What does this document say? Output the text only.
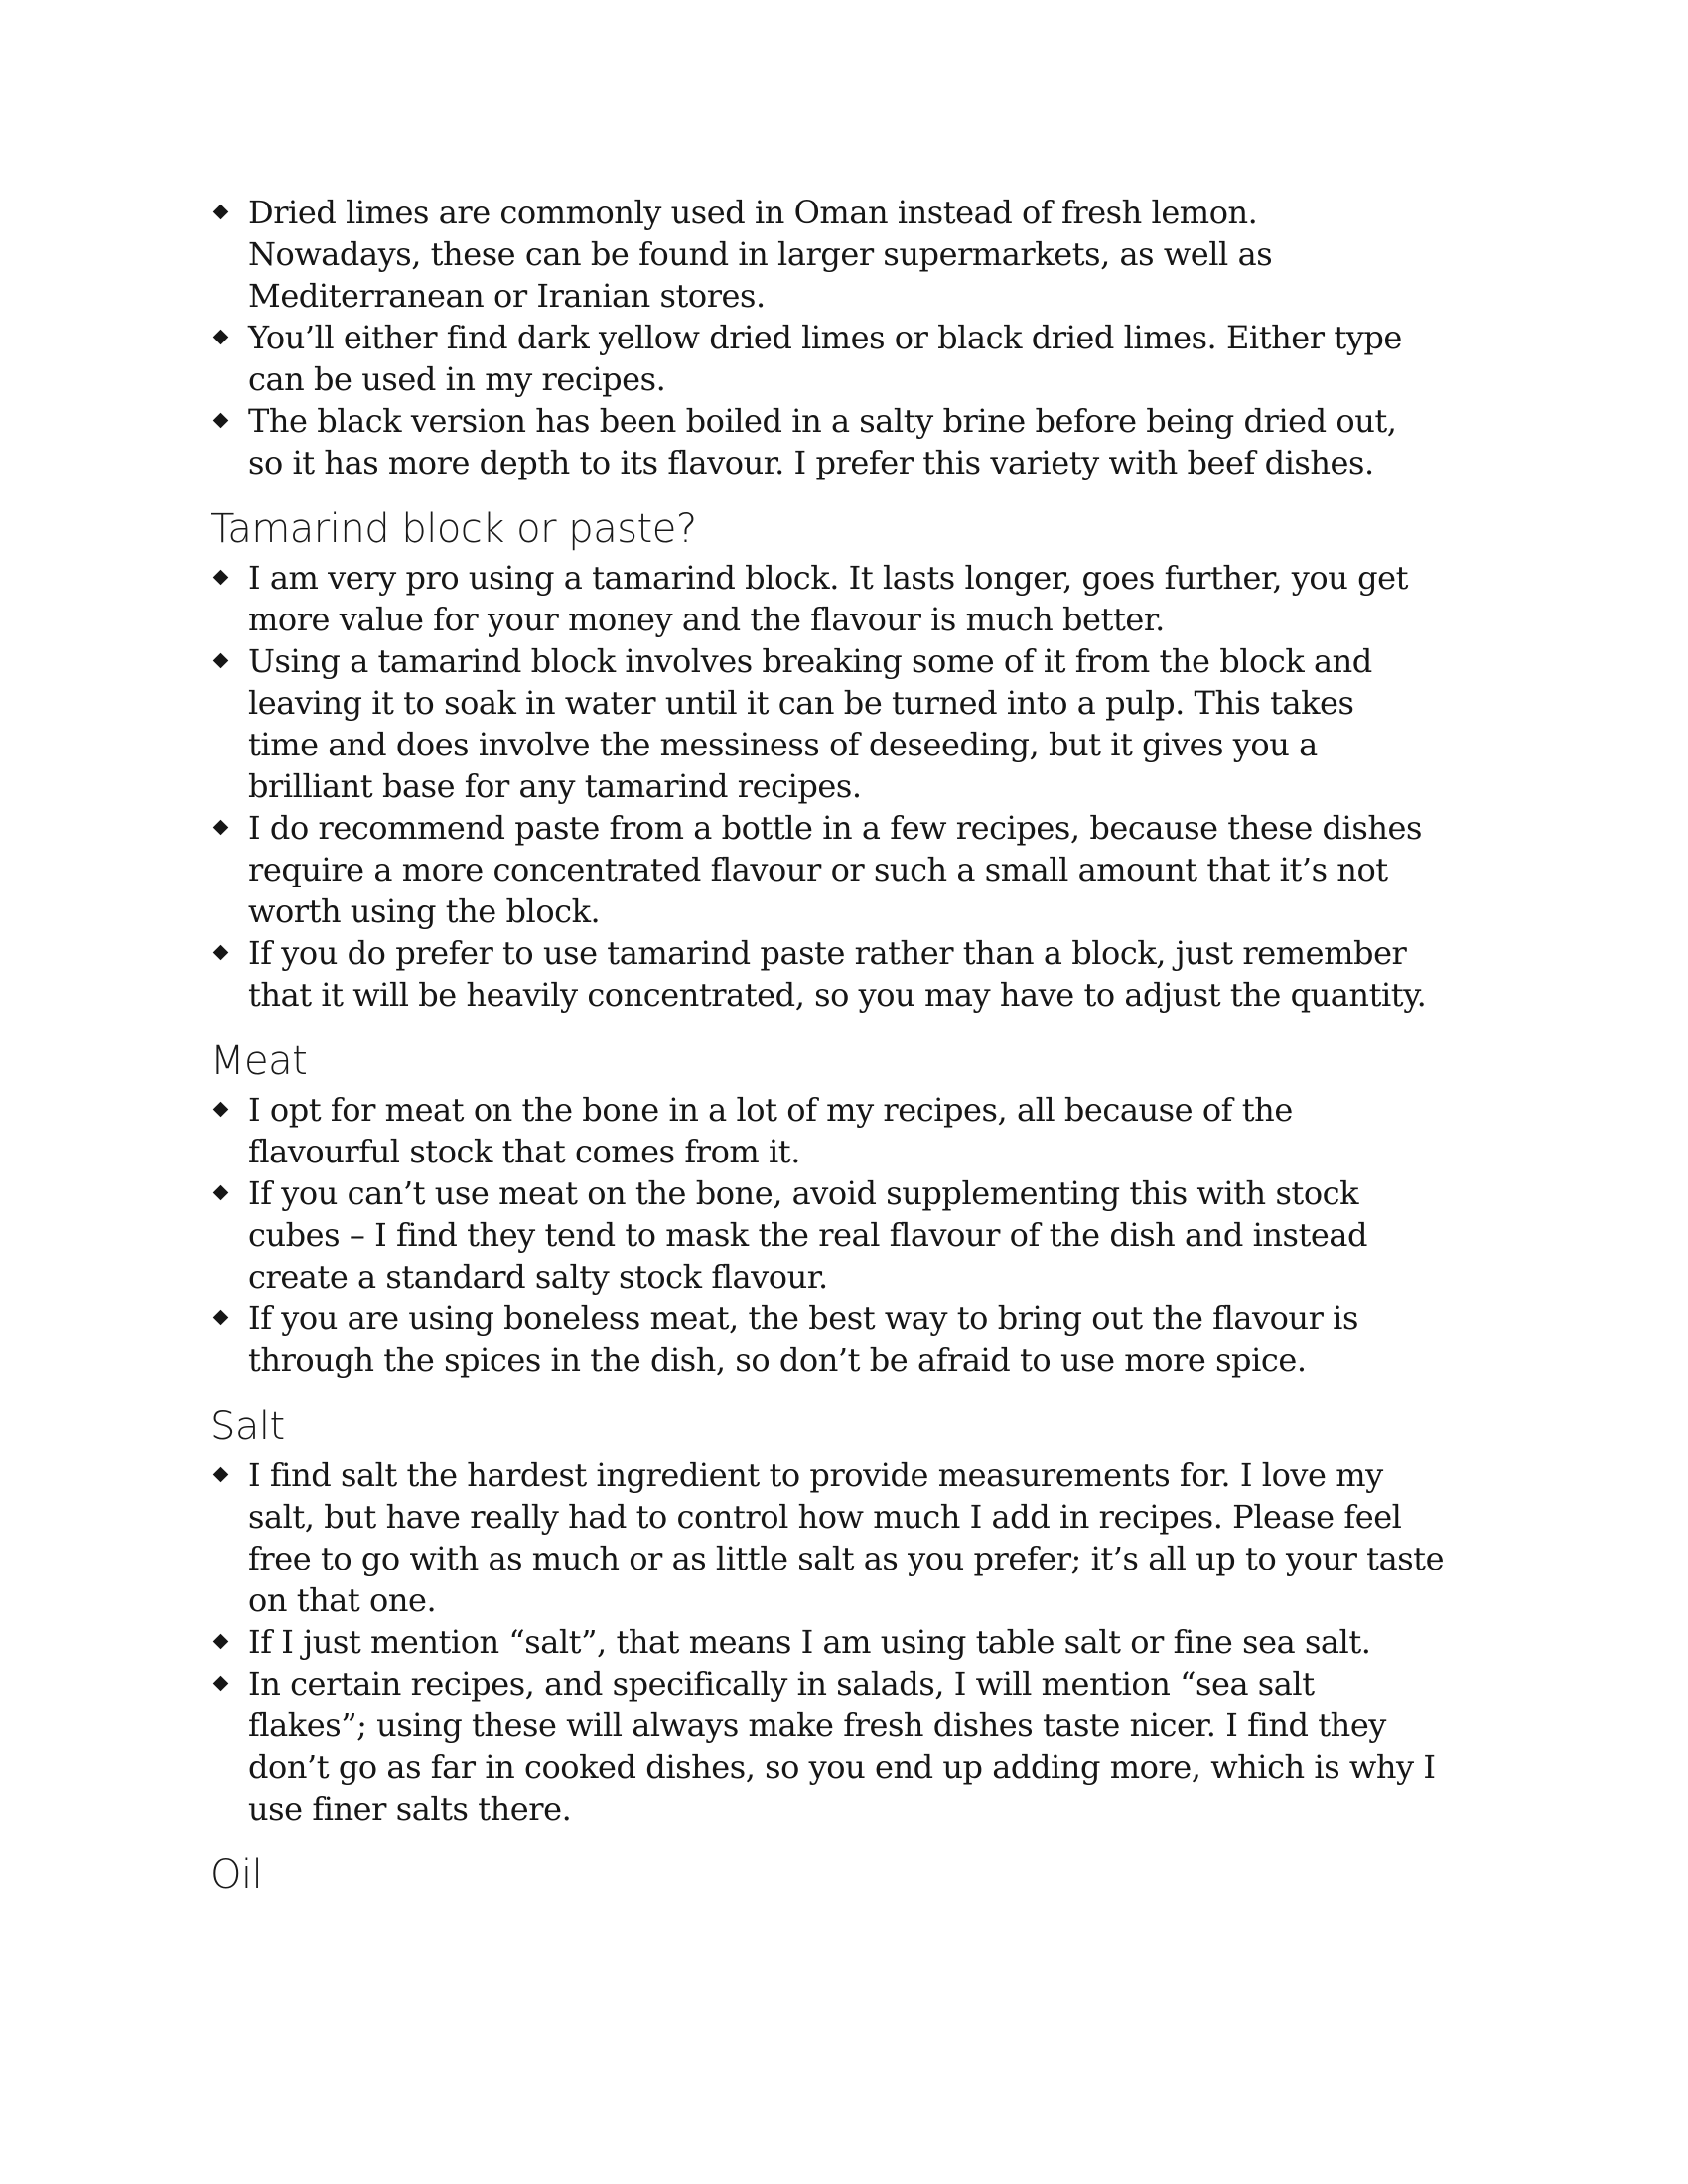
Dried limes are commonly used in Oman instead of fresh lemon.
Nowadays, these can be found in larger supermarkets, as well as
Mediterranean or Iranian stores.
You’ll either find dark yellow dried limes or black dried limes. Either type
can be used in my recipes.
The black version has been boiled in a salty brine before being dried out,
so it has more depth to its flavour. I prefer this variety with beef dishes.
Tamarind block or paste?
I am very pro using a tamarind block. It lasts longer, goes further, you get
more value for your money and the flavour is much better.
Using a tamarind block involves breaking some of it from the block and
leaving it to soak in water until it can be turned into a pulp. This takes
time and does involve the messiness of deseeding, but it gives you a
brilliant base for any tamarind recipes.
I do recommend paste from a bottle in a few recipes, because these dishes
require a more concentrated flavour or such a small amount that it’s not
worth using the block.
If you do prefer to use tamarind paste rather than a block, just remember
that it will be heavily concentrated, so you may have to adjust the quantity.
Meat
I opt for meat on the bone in a lot of my recipes, all because of the
flavourful stock that comes from it.
If you can’t use meat on the bone, avoid supplementing this with stock
cubes – I find they tend to mask the real flavour of the dish and instead
create a standard salty stock flavour.
If you are using boneless meat, the best way to bring out the flavour is
through the spices in the dish, so don’t be afraid to use more spice.
Salt
I find salt the hardest ingredient to provide measurements for. I love my
salt, but have really had to control how much I add in recipes. Please feel
free to go with as much or as little salt as you prefer; it’s all up to your taste
on that one.
If I just mention “salt”, that means I am using table salt or fine sea salt.
In certain recipes, and specifically in salads, I will mention “sea salt
flakes”; using these will always make fresh dishes taste nicer. I find they
don’t go as far in cooked dishes, so you end up adding more, which is why I
use finer salts there.
Oil
